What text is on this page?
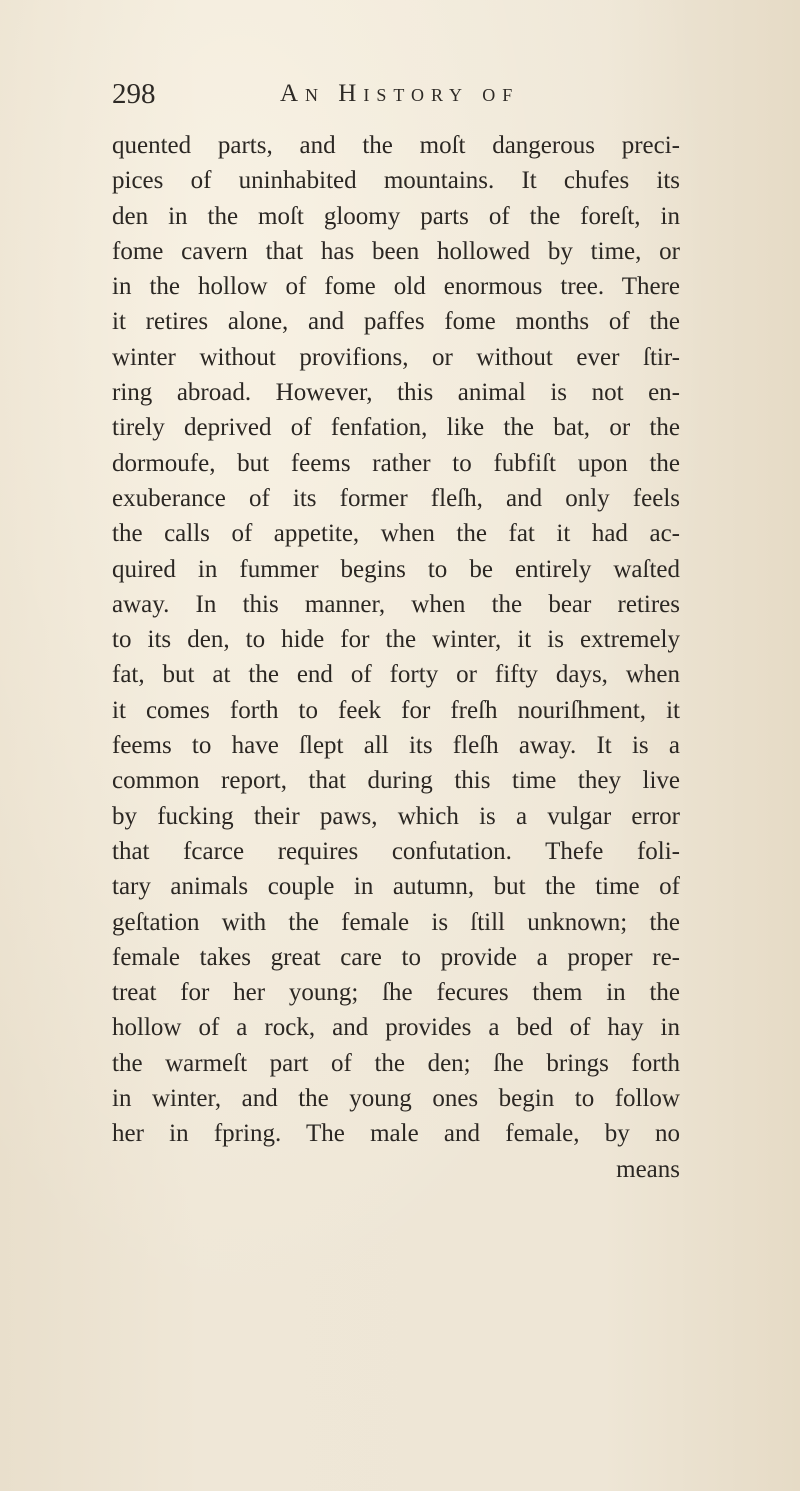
298	An History of
quented parts, and the moſt dangerous preci-
pices of uninhabited mountains. It chufes its
den in the moſt gloomy parts of the foreſt, in
fome cavern that has been hollowed by time, or
in the hollow of fome old enormous tree. There
it retires alone, and paffes fome months of the
winter without provifions, or without ever ſtir-
ring abroad. However, this animal is not en-
tirely deprived of fenfation, like the bat, or the
dormoufe, but feems rather to fubfiſt upon the
exuberance of its former fleſh, and only feels
the calls of appetite, when the fat it had ac-
quired in fummer begins to be entirely waſted
away. In this manner, when the bear retires
to its den, to hide for the winter, it is extremely
fat, but at the end of forty or fifty days, when
it comes forth to feek for freſh nouriſhment, it
feems to have ſlept all its fleſh away. It is a
common report, that during this time they live
by fucking their paws, which is a vulgar error
that fcarce requires confutation. Thefe foli-
tary animals couple in autumn, but the time of
geſtation with the female is ſtill unknown; the
female takes great care to provide a proper re-
treat for her young; ſhe fecures them in the
hollow of a rock, and provides a bed of hay in
the warmeſt part of the den; ſhe brings forth
in winter, and the young ones begin to follow
her in fpring. The male and female, by no
means
